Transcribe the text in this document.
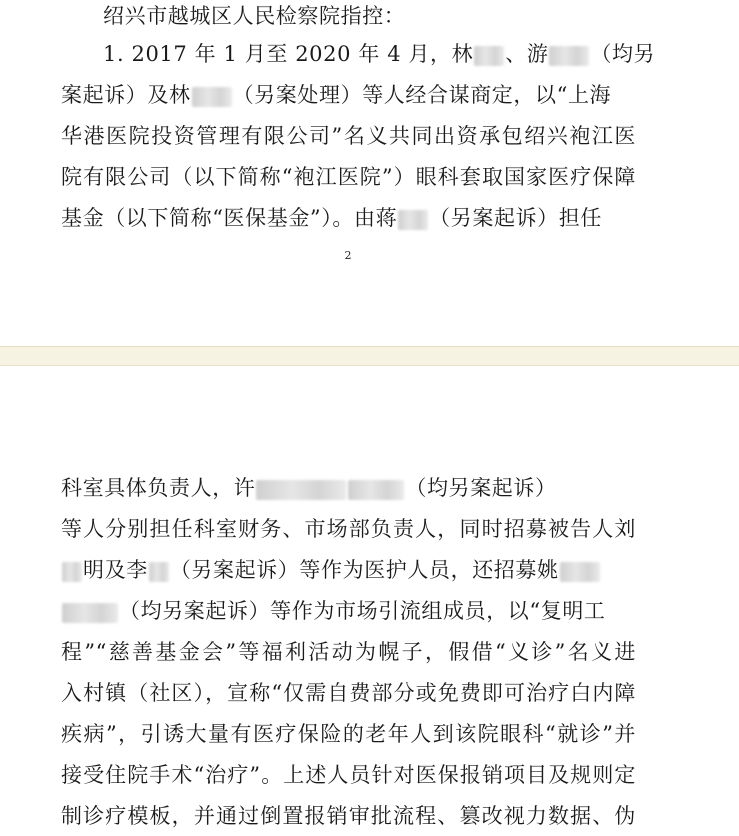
绍兴市越城区人民检察院指控：
1. 2017 年 1 月至 2020 年 4 月，林 、游 （均另
案起诉）及林 （另案处理）等人经合谋商定，以“上海
华港医院投资管理有限公司”名义共同出资承包绍兴袍江医
院有限公司（以下简称“袍江医院”）眼科套取国家医疗保障
基金（以下简称“医保基金”）。由蒋 （另案起诉）担任
2
科室具体负责人，许	（均另案起诉）
等人分别担任科室财务、市场部负责人，同时招募被告人刘
明及李 （另案起诉）等作为医护人员，还招募姚
（均另案起诉）等作为市场引流组成员，以“复明工
程”“慈善基金会”等福利活动为幌子，假借“义诊”名义进
入村镇（社区），宣称“仅需自费部分或免费即可治疗白内障
疾病”，引诱大量有医疗保险的老年人到该院眼科“就诊”并
接受住院手术“治疗”。上述人员针对医保报销项目及规则定
制诊疗模板，并通过倒置报销审批流程、篡改视力数据、伪
